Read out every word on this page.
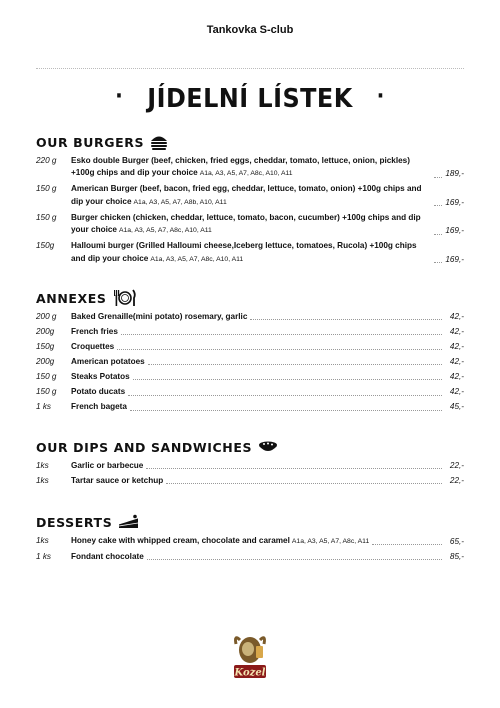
Tankovka S-club
· JÍDELNÍ LÍSTEK ·
OUR BURGERS
220 g	Esko double Burger (beef, chicken, fried eggs, cheddar, tomato, lettuce, onion, pickles) +100g chips and dip your choice A1a, A3, A5, A7, A8c, A10, A11	189,-
150 g	American Burger (beef, bacon, fried egg, cheddar, lettuce, tomato, onion) +100g chips and dip your choice A1a, A3, A5, A7, A8b, A10, A11	169,-
150 g	Burger chicken (chicken, cheddar, lettuce, tomato, bacon, cucumber) +100g chips and dip your choice A1a, A3, A5, A7, A8c, A10, A11	169,-
150g	Halloumi burger (Grilled Halloumi cheese,Iceberg lettuce, tomatoes, Rucola) +100g chips and dip your choice A1a, A3, A5, A7, A8c, A10, A11	169,-
ANNEXES
200 g	Baked Grenaille(mini potato) rosemary, garlic	42,-
200g	French fries	42,-
150g	Croquettes	42,-
200g	American potatoes	42,-
150 g	Steaks Potatos	42,-
150 g	Potato ducats	42,-
1 ks	French bageta	45,-
OUR DIPS AND SANDWICHES
1ks	Garlic or barbecue	22,-
1ks	Tartar sauce or ketchup	22,-
DESSERTS
1ks	Honey cake with whipped cream, chocolate and caramel A1a, A3, A5, A7, A8c, A11	65,-
1 ks	Fondant chocolate	85,-
Kozel
